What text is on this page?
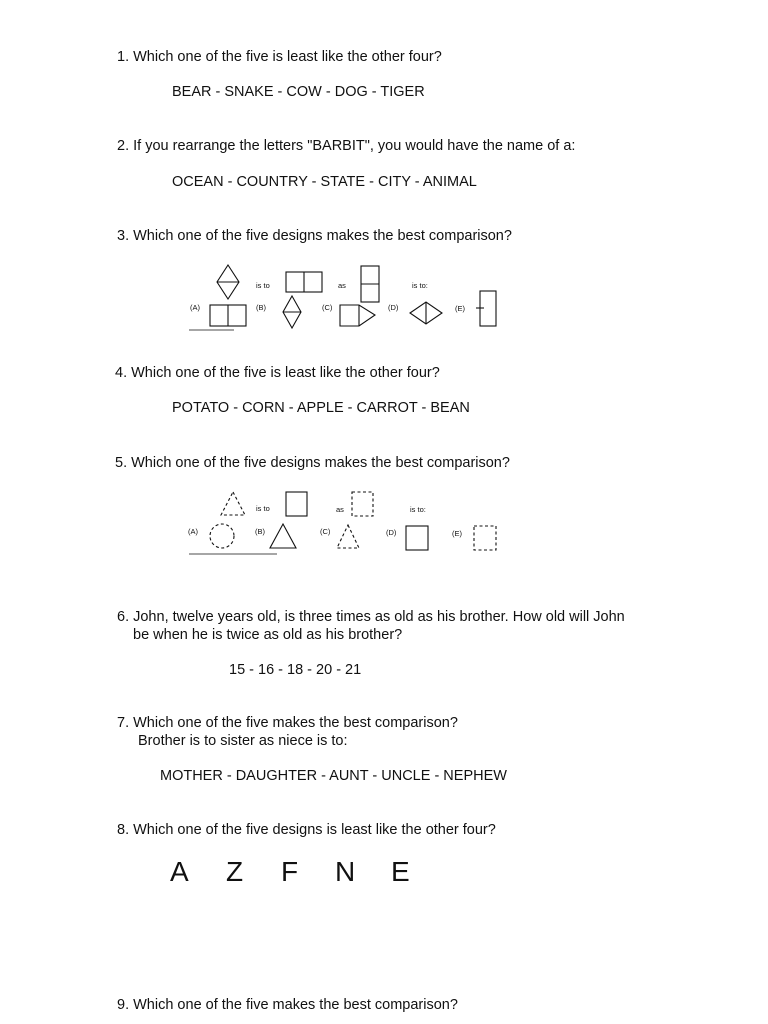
1. Which one of the five is least like the other four?
BEAR - SNAKE - COW - DOG - TIGER
2. If you rearrange the letters "BARBIT", you would have the name of a:
OCEAN - COUNTRY - STATE - CITY - ANIMAL
3. Which one of the five designs makes the best comparison?
is to	as	is to:
(A)	(B)	(C)	(D)	(E)
4. Which one of the five is least like the other four?
POTATO - CORN - APPLE - CARROT - BEAN
5. Which one of the five designs makes the best comparison?
is to	as	is to:
(A)	(B)	(C)	(D)	(E)
6. John, twelve years old, is three times as old as his brother. How old will John
be when he is twice as old as his brother?
15 - 16 - 18 - 20 - 21
7. Which one of the five makes the best comparison?
Brother is to sister as niece is to:
MOTHER - DAUGHTER - AUNT - UNCLE - NEPHEW
8. Which one of the five designs is least like the other four?
A Z F N E
9. Which one of the five makes the best comparison?
